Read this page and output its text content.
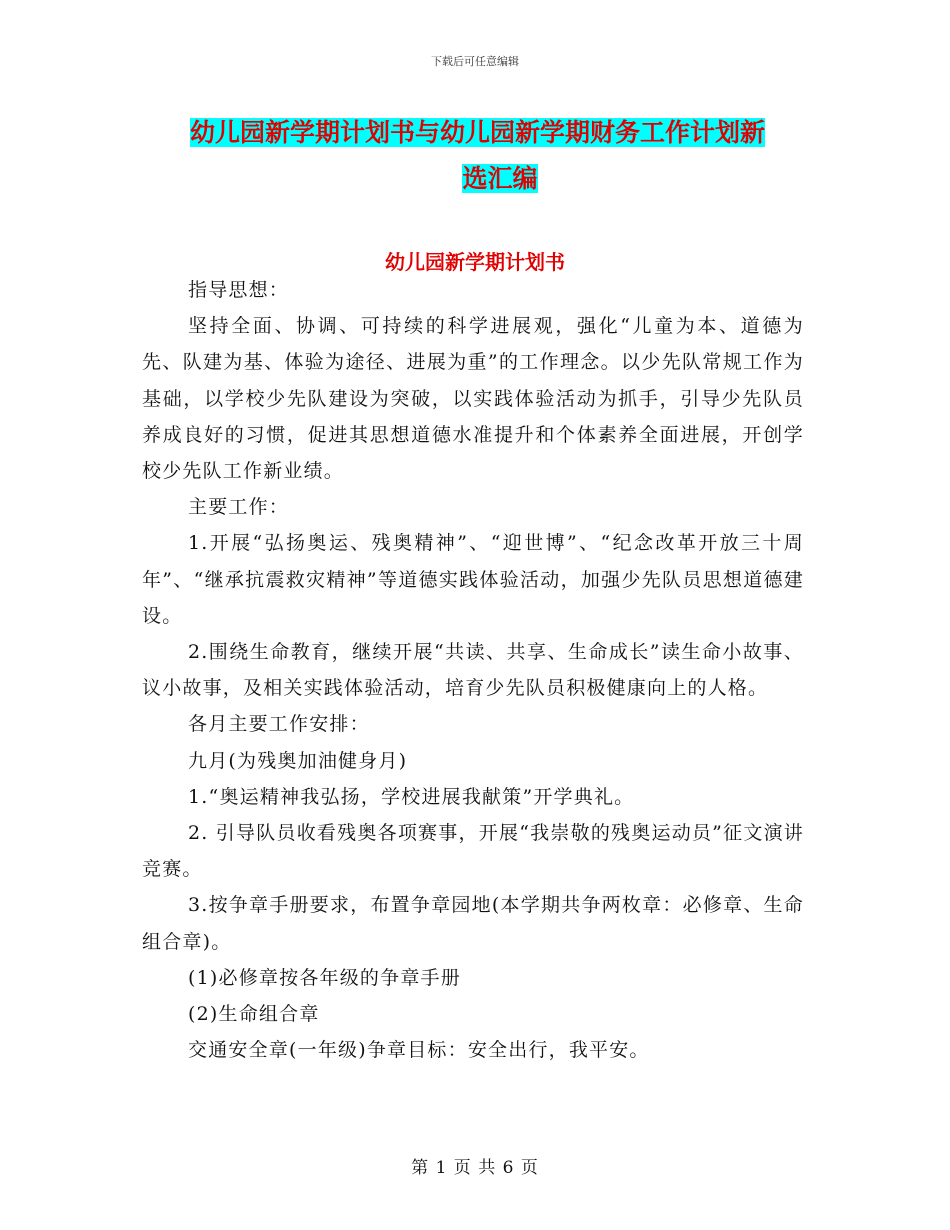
下载后可任意编辑
幼儿园新学期计划书与幼儿园新学期财务工作计划新
选汇编
幼儿园新学期计划书

指导思想：

坚持全面、协调、可持续的科学进展观，强化“儿童为本、道德为先、队建为基、体验为途径、进展为重”的工作理念。以少先队常规工作为基础，以学校少先队建设为突破，以实践体验活动为抓手，引导少先队员养成良好的习惯，促进其思想道德水准提升和个体素养全面进展，开创学校少先队工作新业绩。

主要工作：

1.开展“弘扬奥运、残奥精神”、“迎世博”、“纪念改革开放三十周年”、“继承抗震救灾精神”等道德实践体验活动，加强少先队员思想道德建设。

2.围绕生命教育，继续开展“共读、共享、生命成长”读生命小故事、议小故事，及相关实践体验活动，培育少先队员积极健康向上的人格。

各月主要工作安排：

九月(为残奥加油健身月)

1.“奥运精神我弘扬，学校进展我献策”开学典礼。

2. 引导队员收看残奥各项赛事，开展“我崇敬的残奥运动员”征文演讲竞赛。

3.按争章手册要求，布置争章园地(本学期共争两枚章：必修章、生命组合章)。

(1)必修章按各年级的争章手册

(2)生命组合章

交通安全章(一年级)争章目标：安全出行，我平安。

第 1 页 共 6 页
